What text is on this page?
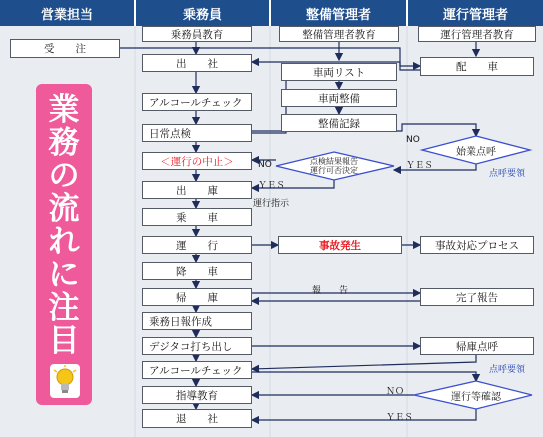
営業担当	乗務員	整備管理者	運行管理者
受　　注
乗務員教育
出　　社
アルコールチェック
日常点検
＜運行の中止＞
出　　庫
乗　　車
運　　行
降　　車
帰　　庫
乗務日報作成
デジタコ打ち出し
アルコールチェック
指導教育
退　　社
整備管理者教育
車両リスト
車両整備
整備記録
事故発生
運行管理者教育
配　　車
事故対応プロセス
完了報告
帰庫点呼
始業点呼
点検結果報告
運行可否決定
運行等確認
NO
ＹＥＳ
NO
ＹＥＳ
点呼要領
運行指示
報　　告
点呼要領
ＮＯ
ＹＥＳ
業
務
の
流
れ
に
注
目
